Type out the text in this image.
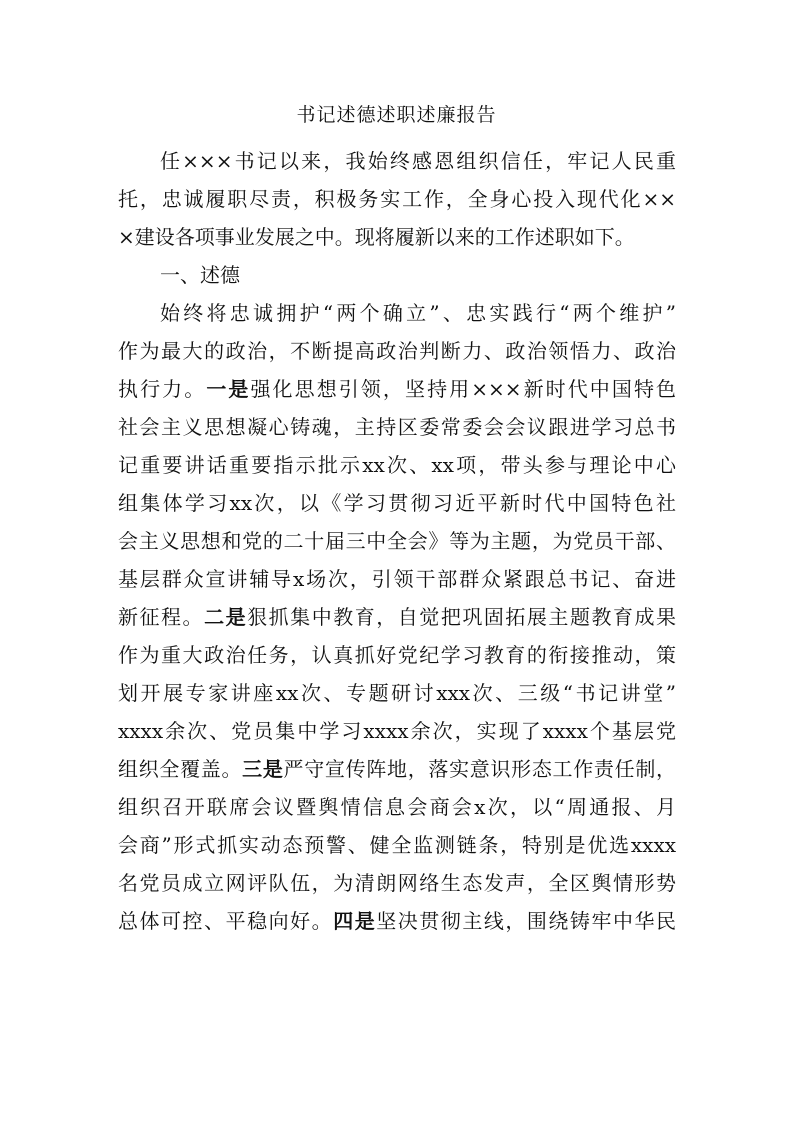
书记述德述职述廉报告
任×××书记以来，我始终感恩组织信任，牢记人民重
托，忠诚履职尽责，积极务实工作，全身心投入现代化××
×建设各项事业发展之中。现将履新以来的工作述职如下。
一、述德
始终将忠诚拥护“两个确立”、忠实践行“两个维护”
作为最大的政治，不断提高政治判断力、政治领悟力、政治
执行力。一是强化思想引领，坚持用×××新时代中国特色
社会主义思想凝心铸魂，主持区委常委会会议跟进学习总书
记重要讲话重要指示批示xx次、xx项，带头参与理论中心
组集体学习xx次，以《学习贯彻习近平新时代中国特色社
会主义思想和党的二十届三中全会》等为主题，为党员干部、
基层群众宣讲辅导x场次，引领干部群众紧跟总书记、奋进
新征程。二是狠抓集中教育，自觉把巩固拓展主题教育成果
作为重大政治任务，认真抓好党纪学习教育的衔接推动，策
划开展专家讲座xx次、专题研讨xxx次、三级“书记讲堂”
xxxx余次、党员集中学习xxxx余次，实现了xxxx个基层党
组织全覆盖。三是严守宣传阵地，落实意识形态工作责任制，
组织召开联席会议暨舆情信息会商会x次，以“周通报、月
会商”形式抓实动态预警、健全监测链条，特别是优选xxxx
名党员成立网评队伍，为清朗网络生态发声，全区舆情形势
总体可控、平稳向好。四是坚决贯彻主线，围绕铸牢中华民
